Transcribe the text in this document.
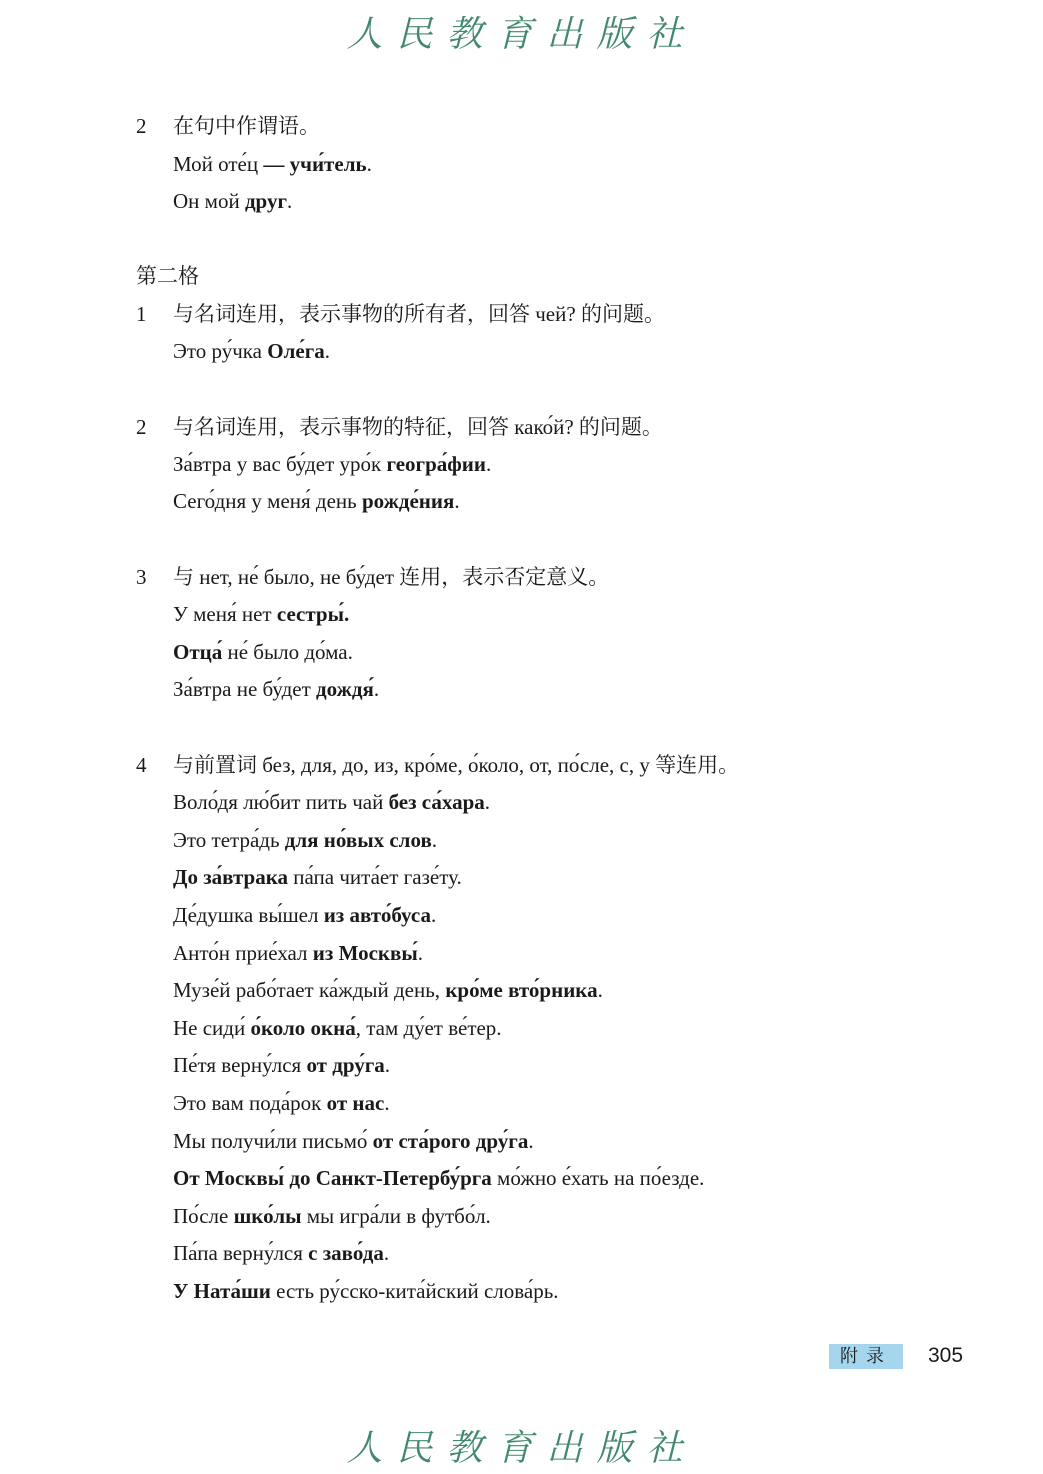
人民教育出版社
2 在句中作谓语。
Мой оте́ц — учи́тель.
Он мой друг.
第二格
1 与名词连用，表示事物的所有者，回答 чей? 的问题。
Это ру́чка Оле́га.
2 与名词连用，表示事物的特征，回答 како́й? 的问题。
За́втра у вас бу́дет уро́к геогра́фии.
Сего́дня у меня́ день рожде́ния.
3 与 нет, не́ было, не бу́дет 连用，表示否定意义。
У меня́ нет сестры́.
Отца́ не́ было до́ма.
За́втра не бу́дет дождя́.
4 与前置词 без, для, до, из, кро́ме, о́коло, от, по́сле, с, у 等连用。
Воло́дя лю́бит пить чай без са́хара.
Это тетра́дь для но́вых слов.
До за́втрака па́па чита́ет газе́ту.
Де́душка вы́шел из авто́буса.
Анто́н прие́хал из Москвы́.
Музе́й рабо́тает ка́ждый день, кро́ме вто́рника.
Не сиди́ о́коло окна́, там ду́ет ве́тер.
Пе́тя верну́лся от дру́га.
Это вам пода́рок от нас.
Мы получи́ли письмо́ от ста́рого дру́га.
От Москвы́ до Санкт-Петербу́рга мо́жно е́хать на по́езде.
По́сле шко́лы мы игра́ли в футбо́л.
Па́па верну́лся с заво́да.
У Ната́ши есть ру́сско-кита́йский слова́рь.
附录	305
人民教育出版社
